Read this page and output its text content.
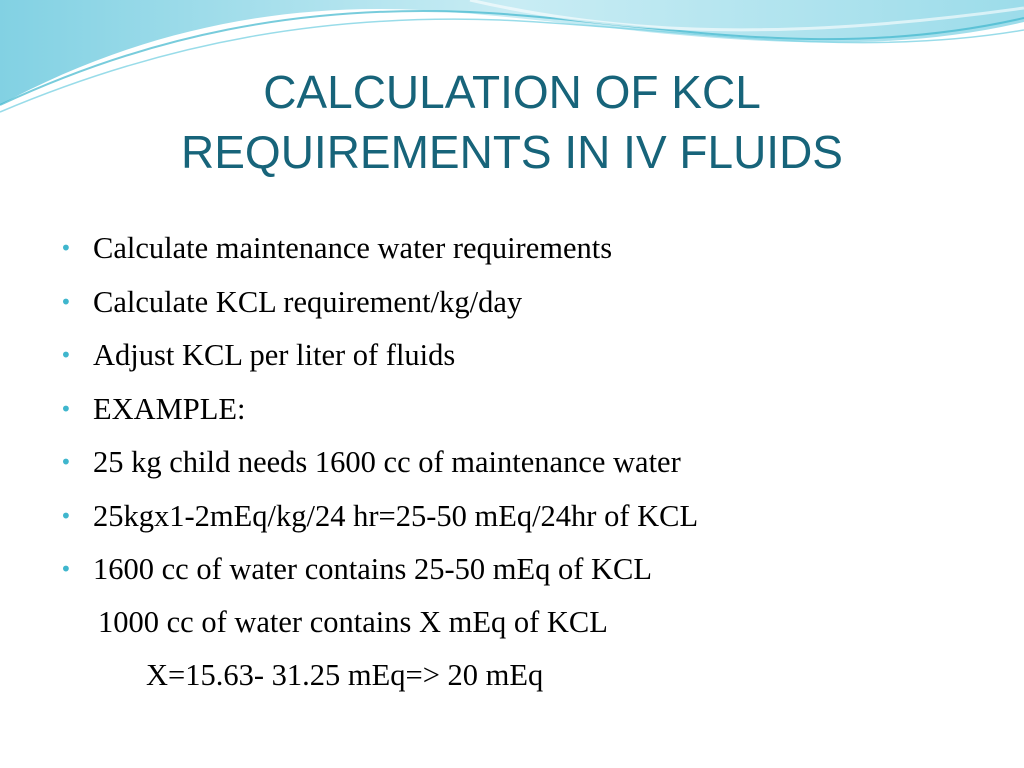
CALCULATION OF KCL
REQUIREMENTS IN IV FLUIDS
• Calculate maintenance water requirements
• Calculate KCL requirement/kg/day
• Adjust KCL per liter of fluids
• EXAMPLE:
• 25 kg child needs 1600 cc of maintenance water
• 25kgx1-2mEq/kg/24 hr=25-50 mEq/24hr of KCL
• 1600 cc of water contains 25-50 mEq of KCL
1000 cc of water contains X mEq of KCL
X=15.63- 31.25 mEq=> 20 mEq
